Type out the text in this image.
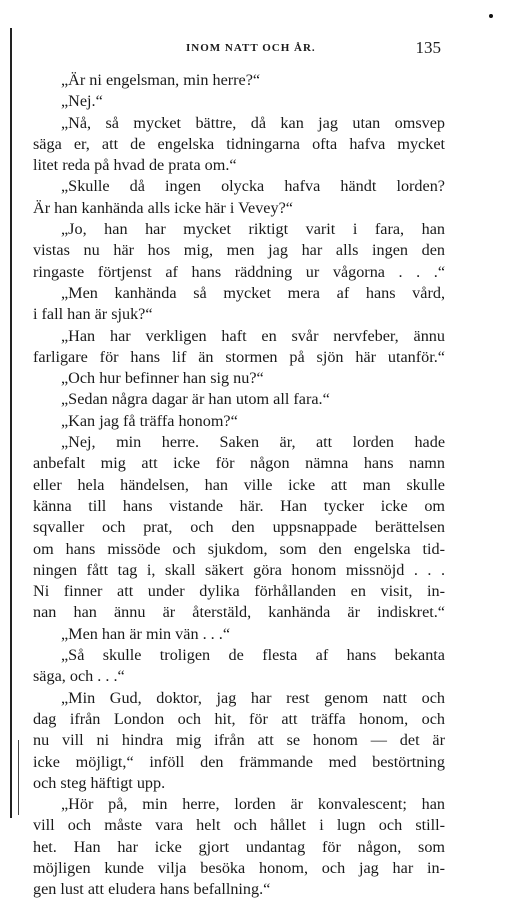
INOM NATT OCH ÅR.	135
„Är ni engelsman, min herre?“
„Nej.“
„Nå, så mycket bättre, då kan jag utan omsvep
säga er, att de engelska tidningarna ofta hafva mycket
litet reda på hvad de prata om.“
„Skulle då ingen olycka hafva händt lorden?
Är han kanhända alls icke här i Vevey?“
„Jo, han har mycket riktigt varit i fara, han
vistas nu här hos mig, men jag har alls ingen den
ringaste förtjenst af hans räddning ur vågorna . . .“
„Men kanhända så mycket mera af hans vård,
i fall han är sjuk?“
„Han har verkligen haft en svår nervfeber, ännu
farligare för hans lif än stormen på sjön här utanför.“
„Och hur befinner han sig nu?“
„Sedan några dagar är han utom all fara.“
„Kan jag få träffa honom?“
„Nej, min herre. Saken är, att lorden hade
anbefalt mig att icke för någon nämna hans namn
eller hela händelsen, han ville icke att man skulle
känna till hans vistande här. Han tycker icke om
sqvaller och prat, och den uppsnappade berättelsen
om hans missöde och sjukdom, som den engelska tid-
ningen fått tag i, skall säkert göra honom missnöjd . . .
Ni finner att under dylika förhållanden en visit, in-
nan han ännu är återstäld, kanhända är indiskret.“
„Men han är min vän . . .“
„Så skulle troligen de flesta af hans bekanta
säga, och . . .“
„Min Gud, doktor, jag har rest genom natt och
dag ifrån London och hit, för att träffa honom, och
nu vill ni hindra mig ifrån att se honom — det är
icke möjligt,“ inföll den främmande med bestörtning
och steg häftigt upp.
„Hör på, min herre, lorden är konvalescent; han
vill och måste vara helt och hållet i lugn och still-
het. Han har icke gjort undantag för någon, som
möjligen kunde vilja besöka honom, och jag har in-
gen lust att eludera hans befallning.“
